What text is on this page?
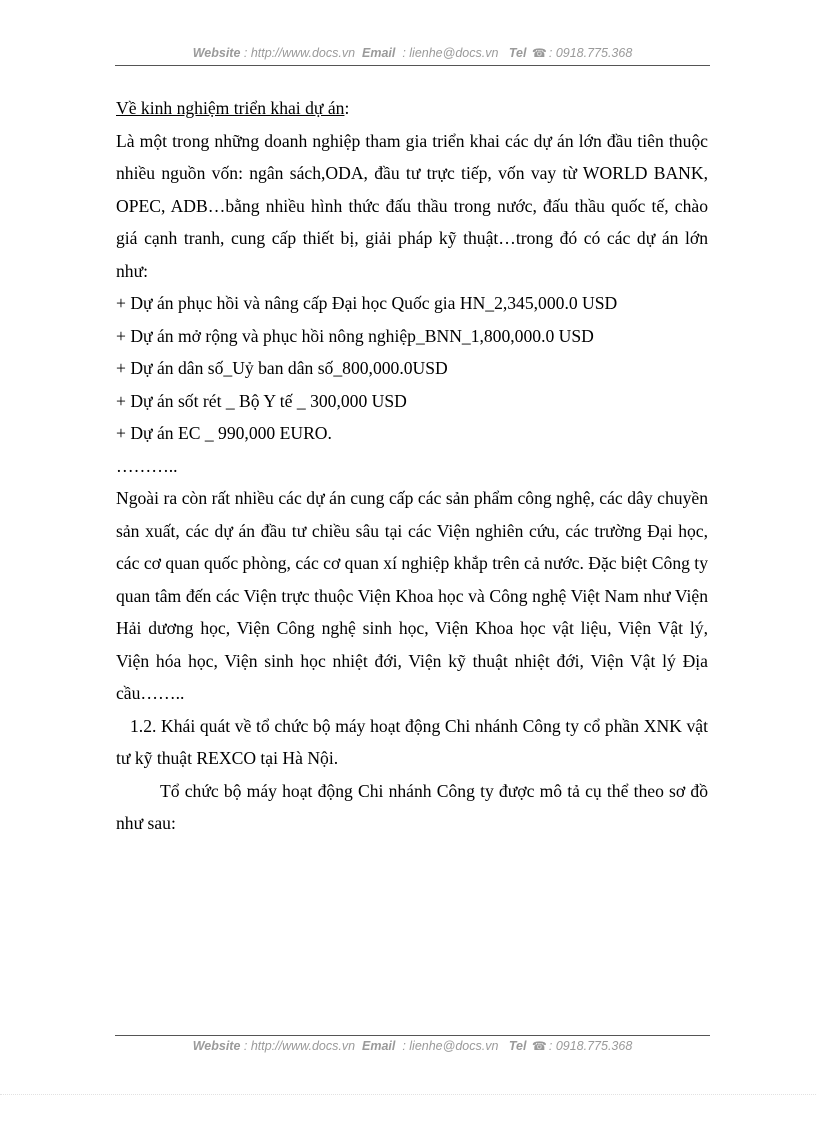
Website : http://www.docs.vn Email : lienhe@docs.vn Tel ☎ : 0918.775.368

Về kinh nghiệm triển khai dự án:

Là một trong những doanh nghiệp tham gia triển khai các dự án lớn đầu tiên thuộc nhiều nguồn vốn: ngân sách,ODA, đầu tư trực tiếp, vốn vay từ WORLD BANK, OPEC, ADB…bằng nhiều hình thức đấu thầu trong nước, đấu thầu quốc tế, chào giá cạnh tranh, cung cấp thiết bị, giải pháp kỹ thuật…trong đó có các dự án lớn như:

+ Dự án phục hồi và nâng cấp Đại học Quốc gia HN_2,345,000.0 USD

+ Dự án mở rộng và phục hồi nông nghiệp_BNN_1,800,000.0 USD

+ Dự án dân số_Uỷ ban dân số_800,000.0USD

+ Dự án sốt rét _ Bộ Y tế _ 300,000 USD

+ Dự án EC _ 990,000 EURO.

………..

Ngoài ra còn rất nhiều các dự án cung cấp các sản phẩm công nghệ, các dây chuyền sản xuất, các dự án đầu tư chiều sâu tại các Viện nghiên cứu, các trường Đại học, các cơ quan quốc phòng, các cơ quan xí nghiệp khắp trên cả nước. Đặc biệt Công ty quan tâm đến các Viện trực thuộc Viện Khoa học và Công nghệ Việt Nam như Viện Hải dương học, Viện Công nghệ sinh học, Viện Khoa học vật liệu, Viện Vật lý, Viện hóa học, Viện sinh học nhiệt đới, Viện kỹ thuật nhiệt đới, Viện Vật lý Địa cầu……..

1.2. Khái quát về tổ chức bộ máy hoạt động Chi nhánh Công ty cổ phần XNK vật tư kỹ thuật REXCO tại Hà Nội.

Tổ chức bộ máy hoạt động Chi nhánh Công ty được mô tả cụ thể theo sơ đồ như sau:

Website : http://www.docs.vn Email : lienhe@docs.vn Tel ☎ : 0918.775.368
